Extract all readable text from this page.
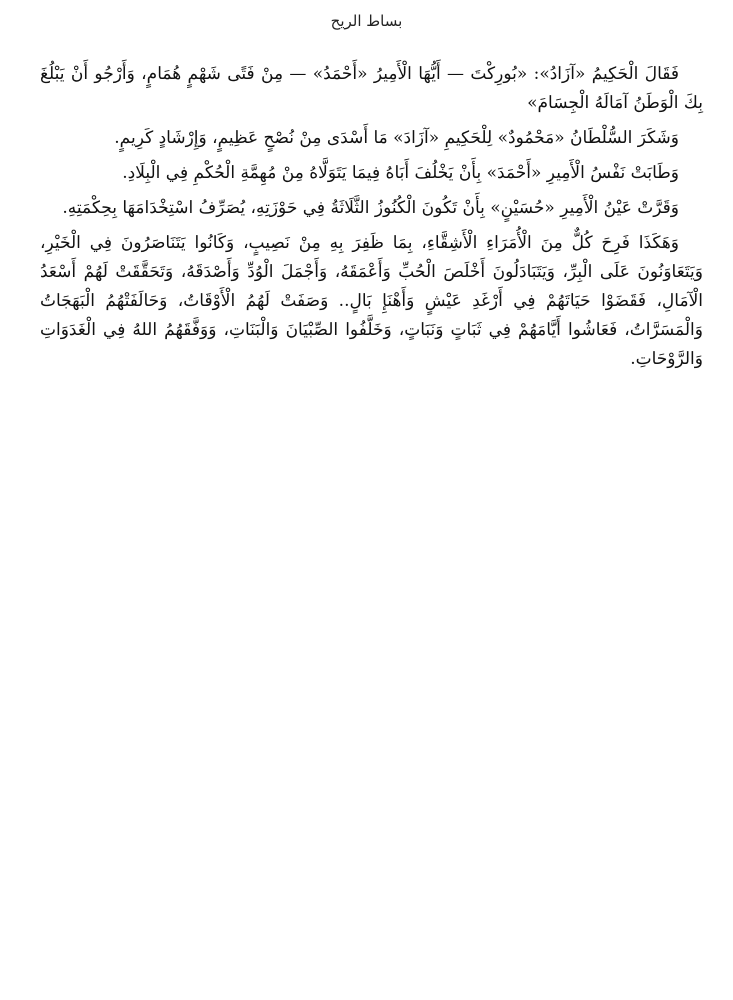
بساط الريح

فَقَالَ الْحَكِيمُ «آزَادُ»: «بُورِكْتَ — أَيُّهَا الْأَمِيرُ «أَحْمَدُ» — مِنْ فَتًى شَهْمٍ هُمَامٍ، وَأَرْجُو أَنْ يَبْلُغَ بِكَ الْوَطَنُ آمَالَهُ الْجِسَامَ»

وَشَكَرَ السُّلْطَانُ «مَحْمُودٌ» لِلْحَكِيمِ «آزَادَ» مَا أَسْدَى مِنْ نُصْحٍ عَظِيمٍ، وَإِرْشَادٍ كَرِيمٍ.

وَطَابَتْ نَفْسُ الْأَمِيرِ «أَحْمَدَ» بِأَنْ يَخْلُفَ أَبَاهُ فِيمَا يَتَوَلَّاهُ مِنْ مُهِمَّةِ الْحُكْمِ فِي الْبِلَادِ.

وَقَرَّتْ عَيْنُ الْأَمِيرِ «حُسَيْنٍ» بِأَنْ تَكُونَ الْكُنُوزُ الثَّلَاثَةُ فِي حَوْزَتِهِ، يُصَرِّفُ اسْتِخْدَامَهَا بِحِكْمَتِهِ.

وَهَكَذَا فَرِحَ كُلٌّ مِنَ الْأُمَرَاءِ الْأَشِقَّاءِ، بِمَا ظَفِرَ بِهِ مِنْ نَصِيبٍ، وَكَانُوا يَتَنَاصَرُونَ فِي الْخَيْرِ، وَيَتَعَاوَنُونَ عَلَى الْبِرِّ، وَيَتَبَادَلُونَ أَخْلَصَ الْحُبِّ وَأَعْمَقَهُ، وَأَجْمَلَ الْوُدِّ وَأَصْدَقَهُ، وَتَحَقَّقَتْ لَهُمْ أَسْعَدُ الْآمَالِ، فَقَضَوْا حَيَاتَهُمْ فِي أَرْغَدِ عَيْشٍ وَأَهْنَإِ بَالٍ.. وَصَفَتْ لَهُمُ الْأَوْقَاتُ، وَحَالَفَتْهُمُ الْبَهَجَاتُ وَالْمَسَرَّاتُ، فَعَاشُوا أَيَّامَهُمْ فِي ثَبَاتٍ وَنَبَاتٍ، وَخَلَّفُوا الصِّبْيَانَ وَالْبَنَاتِ، وَوَفَّقَهُمُ اللهُ فِي الْغَدَوَاتِ وَالرَّوْحَاتِ.
